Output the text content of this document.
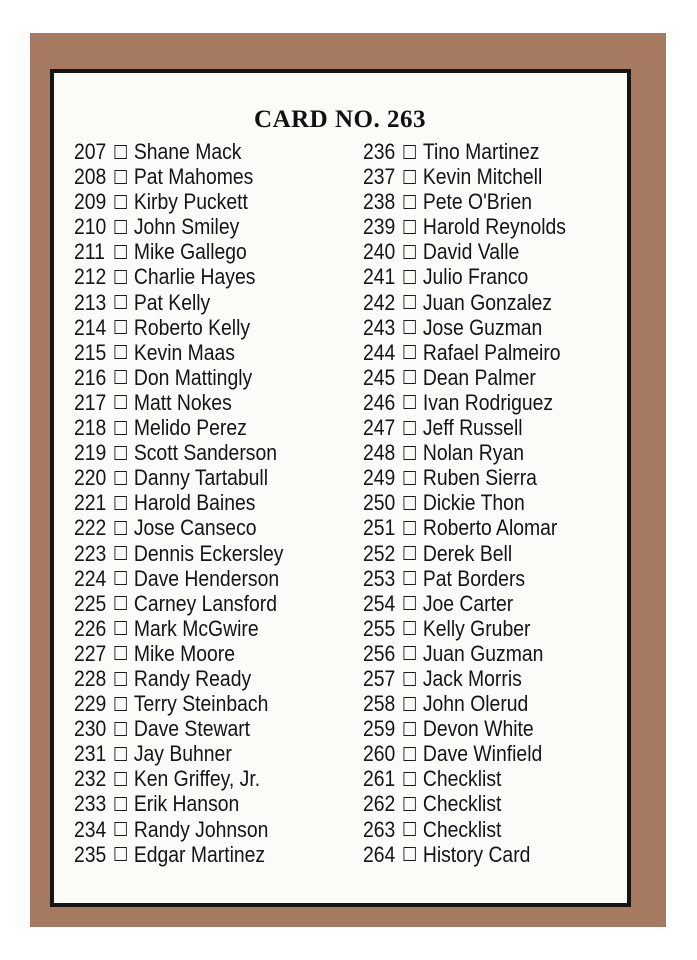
CARD NO. 263
207 Shane Mack
208 Pat Mahomes
209 Kirby Puckett
210 John Smiley
211 Mike Gallego
212 Charlie Hayes
213 Pat Kelly
214 Roberto Kelly
215 Kevin Maas
216 Don Mattingly
217 Matt Nokes
218 Melido Perez
219 Scott Sanderson
220 Danny Tartabull
221 Harold Baines
222 Jose Canseco
223 Dennis Eckersley
224 Dave Henderson
225 Carney Lansford
226 Mark McGwire
227 Mike Moore
228 Randy Ready
229 Terry Steinbach
230 Dave Stewart
231 Jay Buhner
232 Ken Griffey, Jr.
233 Erik Hanson
234 Randy Johnson
235 Edgar Martinez
236 Tino Martinez
237 Kevin Mitchell
238 Pete O'Brien
239 Harold Reynolds
240 David Valle
241 Julio Franco
242 Juan Gonzalez
243 Jose Guzman
244 Rafael Palmeiro
245 Dean Palmer
246 Ivan Rodriguez
247 Jeff Russell
248 Nolan Ryan
249 Ruben Sierra
250 Dickie Thon
251 Roberto Alomar
252 Derek Bell
253 Pat Borders
254 Joe Carter
255 Kelly Gruber
256 Juan Guzman
257 Jack Morris
258 John Olerud
259 Devon White
260 Dave Winfield
261 Checklist
262 Checklist
263 Checklist
264 History Card
